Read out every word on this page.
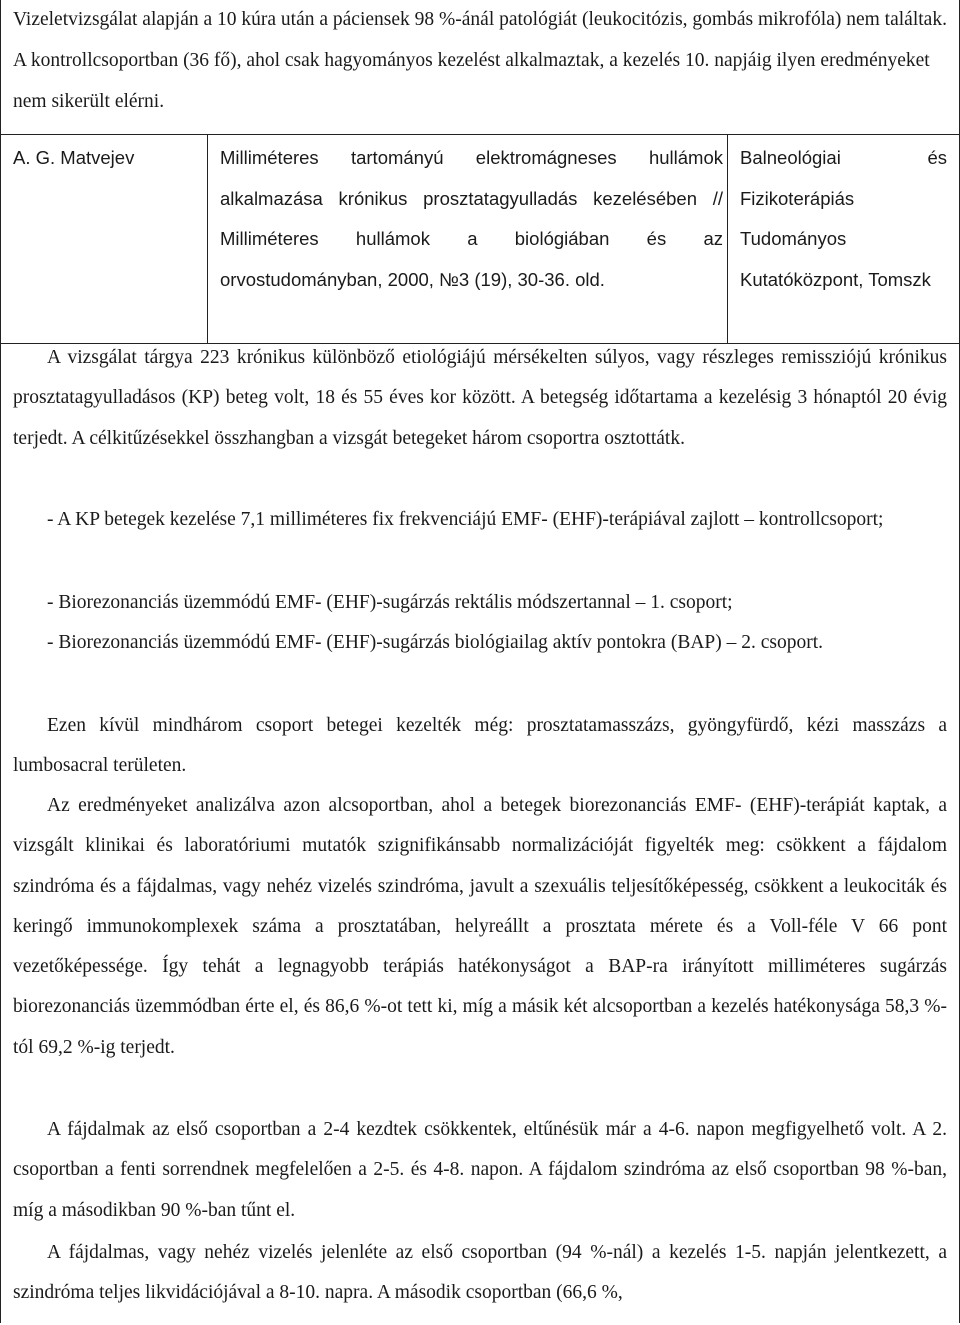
Vizeletvizsgálat alapján a 10 kúra után a páciensek 98 %-ánál patológiát (leukocitózis, gombás mikrofóla) nem találtak. A kontrollcsoportban (36 fő), ahol csak hagyományos kezelést alkalmaztak, a kezelés 10. napjáig ilyen eredményeket nem sikerült elérni.

A. G. Matvejev	Milliméteres tartományú elektromágneses hullámok alkalmazása krónikus prosztatagyulladás kezelésében // Milliméteres hullámok a biológiában és az orvostudományban, 2000, №3 (19), 30-36. old.
Balneológiai és Fizikoterápiás Tudományos Kutatóközpont, Tomszk

A vizsgálat tárgya 223 krónikus különböző etiológiájú mérsékelten súlyos, vagy részleges remissziójú krónikus prosztatagyulladásos (KP) beteg volt, 18 és 55 éves kor között. A betegség időtartama a kezelésig 3 hónaptól 20 évig terjedt. A célkitűzésekkel összhangban a vizsgát betegeket három csoportra osztottátk.

- A KP betegek kezelése 7,1 milliméteres fix frekvenciájú EMF- (EHF)-terápiával zajlott – kontrollcsoport;

- Biorezonanciás üzemmódú EMF- (EHF)-sugárzás rektális módszertannal – 1. csoport;

- Biorezonanciás üzemmódú EMF- (EHF)-sugárzás biológiailag aktív pontokra (BAP) – 2. csoport.

Ezen kívül mindhárom csoport betegei kezelték még: prosztatamasszázs, gyöngyfürdő, kézi masszázs a lumbosacral területen.

Az eredményeket analizálva azon alcsoportban, ahol a betegek biorezonanciás EMF- (EHF)-terápiát kaptak, a vizsgált klinikai és laboratóriumi mutatók szignifikánsabb normalizációját figyelték meg: csökkent a fájdalom szindróma és a fájdalmas, vagy nehéz vizelés szindróma, javult a szexuális teljesítőképesség, csökkent a leukociták és keringő immunokomplexek száma a prosztatában, helyreállt a prosztata mérete és a Voll-féle V 66 pont vezetőképessége. Így tehát a legnagyobb terápiás hatékonyságot a BAP-ra irányított milliméteres sugárzás biorezonanciás üzemmódban érte el, és 86,6 %-ot tett ki, míg a másik két alcsoportban a kezelés hatékonysága 58,3 %-tól 69,2 %-ig terjedt.

A fájdalmak az első csoportban a 2-4 kezdtek csökkentek, eltűnésük már a 4-6. napon megfigyelhető volt. A 2. csoportban a fenti sorrendnek megfelelően a 2-5. és 4-8. napon. A fájdalom szindróma az első csoportban 98 %-ban, míg a másodikban 90 %-ban tűnt el.

A fájdalmas, vagy nehéz vizelés jelenléte az első csoportban (94 %-nál) a kezelés 1-5. napján jelentkezett, a szindróma teljes likvidációjával a 8-10. napra. A második csoportban (66,6 %,
